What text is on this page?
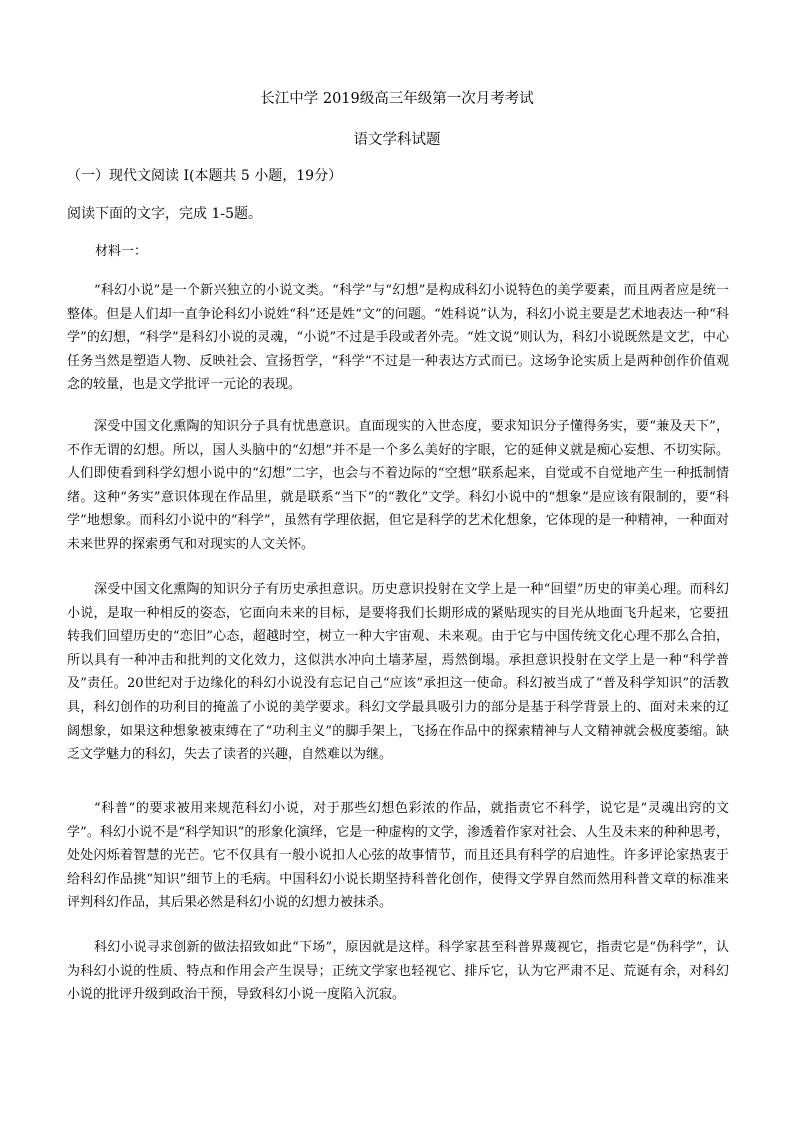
长江中学 2019级高三年级第一次月考考试
语文学科试题
（一）现代文阅读 I(本题共 5 小题，19分）
阅读下面的文字，完成 1-5题。
材料一：

“科幻小说”是一个新兴独立的小说文类。“科学”与“幻想”是构成科幻小说特色的美学要素，而且两者应是统一整体。但是人们却一直争论科幻小说姓“科”还是姓“文”的问题。“姓科说”认为，科幻小说主要是艺术地表达一种“科学”的幻想，“科学”是科幻小说的灵魂，“小说”不过是手段或者外壳。“姓文说”则认为，科幻小说既然是文艺，中心任务当然是塑造人物、反映社会、宣扬哲学，“科学”不过是一种表达方式而已。这场争论实质上是两种创作价值观念的较量，也是文学批评一元论的表现。

深受中国文化熏陶的知识分子具有忧患意识。直面现实的入世态度，要求知识分子懂得务实，要“兼及天下”，不作无谓的幻想。所以，国人头脑中的“幻想”并不是一个多么美好的字眼，它的延伸义就是痴心妄想、不切实际。人们即使看到科学幻想小说中的“幻想”二字，也会与不着边际的“空想”联系起来，自觉或不自觉地产生一种抵制情绪。这种“务实”意识体现在作品里，就是联系“当下”的“教化”文学。科幻小说中的“想象”是应该有限制的，要“科学”地想象。而科幻小说中的“科学”，虽然有学理依据，但它是科学的艺术化想象，它体现的是一种精神，一种面对未来世界的探索勇气和对现实的人文关怀。

深受中国文化熏陶的知识分子有历史承担意识。历史意识投射在文学上是一种“回望”历史的审美心理。而科幻小说，是取一种相反的姿态，它面向未来的目标，是要将我们长期形成的紧贴现实的目光从地面飞升起来，它要扭转我们回望历史的“恋旧”心态，超越时空，树立一种大宇宙观、未来观。由于它与中国传统文化心理不那么合拍，所以具有一种冲击和批判的文化效力，这似洪水冲向土墙茅屋，焉然倒塌。承担意识投射在文学上是一种“科学普及”责任。20世纪对于边缘化的科幻小说没有忘记自己“应该”承担这一使命。科幻被当成了“普及科学知识”的活教具，科幻创作的功利目的掩盖了小说的美学要求。科幻文学最具吸引力的部分是基于科学背景上的、面对未来的辽阔想象，如果这种想象被束缚在了“功利主义”的脚手架上，飞扬在作品中的探索精神与人文精神就会极度萎缩。缺乏文学魅力的科幻，失去了读者的兴趣，自然难以为继。

“科普”的要求被用来规范科幻小说，对于那些幻想色彩浓的作品，就指责它不科学，说它是“灵魂出窍的文学”。科幻小说不是“科学知识”的形象化演绎，它是一种虚构的文学，渗透着作家对社会、人生及未来的种种思考，处处闪烁着智慧的光芒。它不仅具有一般小说扣人心弦的故事情节，而且还具有科学的启迪性。许多评论家热衷于给科幻作品挑“知识”细节上的毛病。中国科幻小说长期坚持科普化创作，使得文学界自然而然用科普文章的标准来评判科幻作品，其后果必然是科幻小说的幻想力被抹杀。

科幻小说寻求创新的做法招致如此“下场”，原因就是这样。科学家甚至科普界蔑视它，指责它是“伪科学”，认为科幻小说的性质、特点和作用会产生误导；正统文学家也轻视它、排斥它，认为它严肃不足、荒诞有余，对科幻小说的批评升级到政治干预，导致科幻小说一度陷入沉寂。
